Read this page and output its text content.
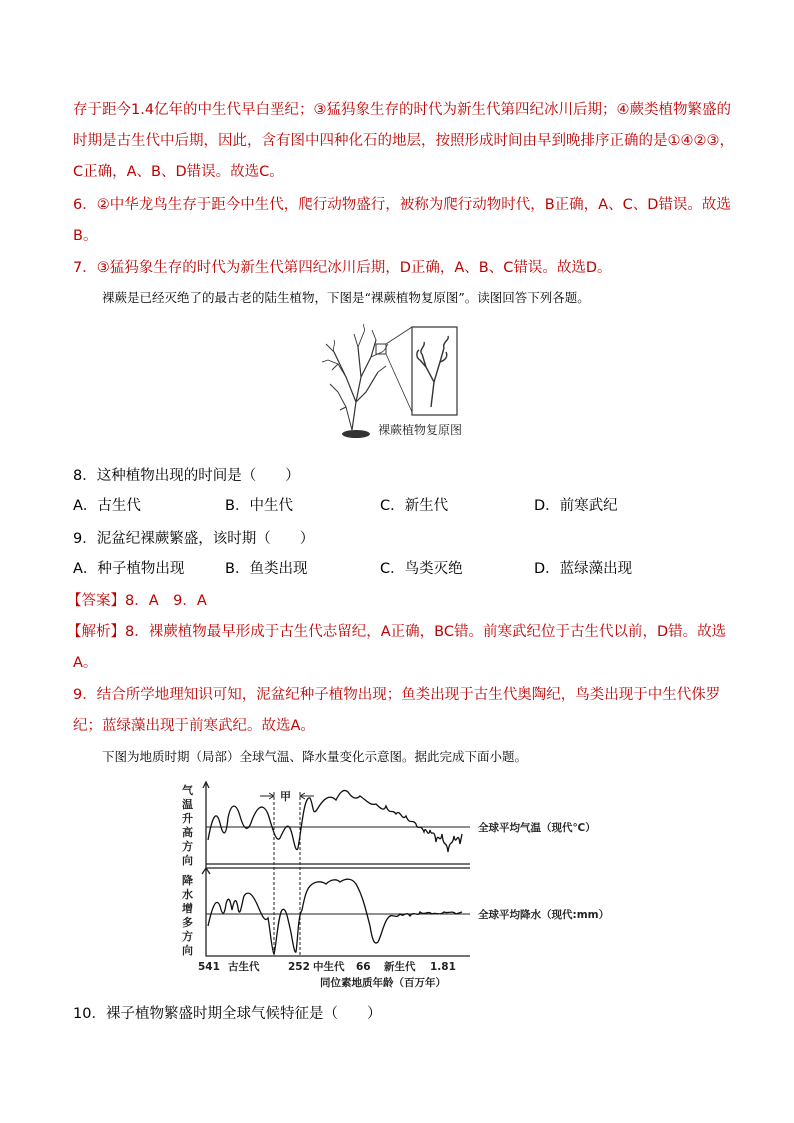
存于距今1.4亿年的中生代早白垩纪；③猛犸象生存的时代为新生代第四纪冰川后期；④蕨类植物繁盛的
时期是古生代中后期，因此，含有图中四种化石的地层，按照形成时间由早到晚排序正确的是①④②③，
C正确，A、B、D错误。故选C。
6．②中华龙鸟生存于距今中生代，爬行动物盛行，被称为爬行动物时代，B正确，A、C、D错误。故选
B。
7．③猛犸象生存的时代为新生代第四纪冰川后期，D正确，A、B、C错误。故选D。
裸蕨是已经灭绝了的最古老的陆生植物，下图是“裸蕨植物复原图”。读图回答下列各题。
裸蕨植物复原图
8．这种植物出现的时间是（　　）
A．古生代	B．中生代	C．新生代	D．前寒武纪
9．泥盆纪裸蕨繁盛，该时期（　　）
A．种子植物出现	B．鱼类出现	C．鸟类灭绝	D．蓝绿藻出现
【答案】8．A　9．A
【解析】8．裸蕨植物最早形成于古生代志留纪，A正确，BC错。前寒武纪位于古生代以前，D错。故选
A。
9．结合所学地理知识可知，泥盆纪种子植物出现；鱼类出现于古生代奥陶纪，鸟类出现于中生代侏罗
纪；蓝绿藻出现于前寒武纪。故选A。
下图为地质时期（局部）全球气温、降水量变化示意图。据此完成下面小题。
气
温
升
高
方
向
降
水
增
多
方
向
甲
全球平均气温（现代℃）
全球平均降水（现代:mm）
541 古生代	252 中生代 66 新生代 1.81
同位素地质年龄（百万年）
10．裸子植物繁盛时期全球气候特征是（　　）
